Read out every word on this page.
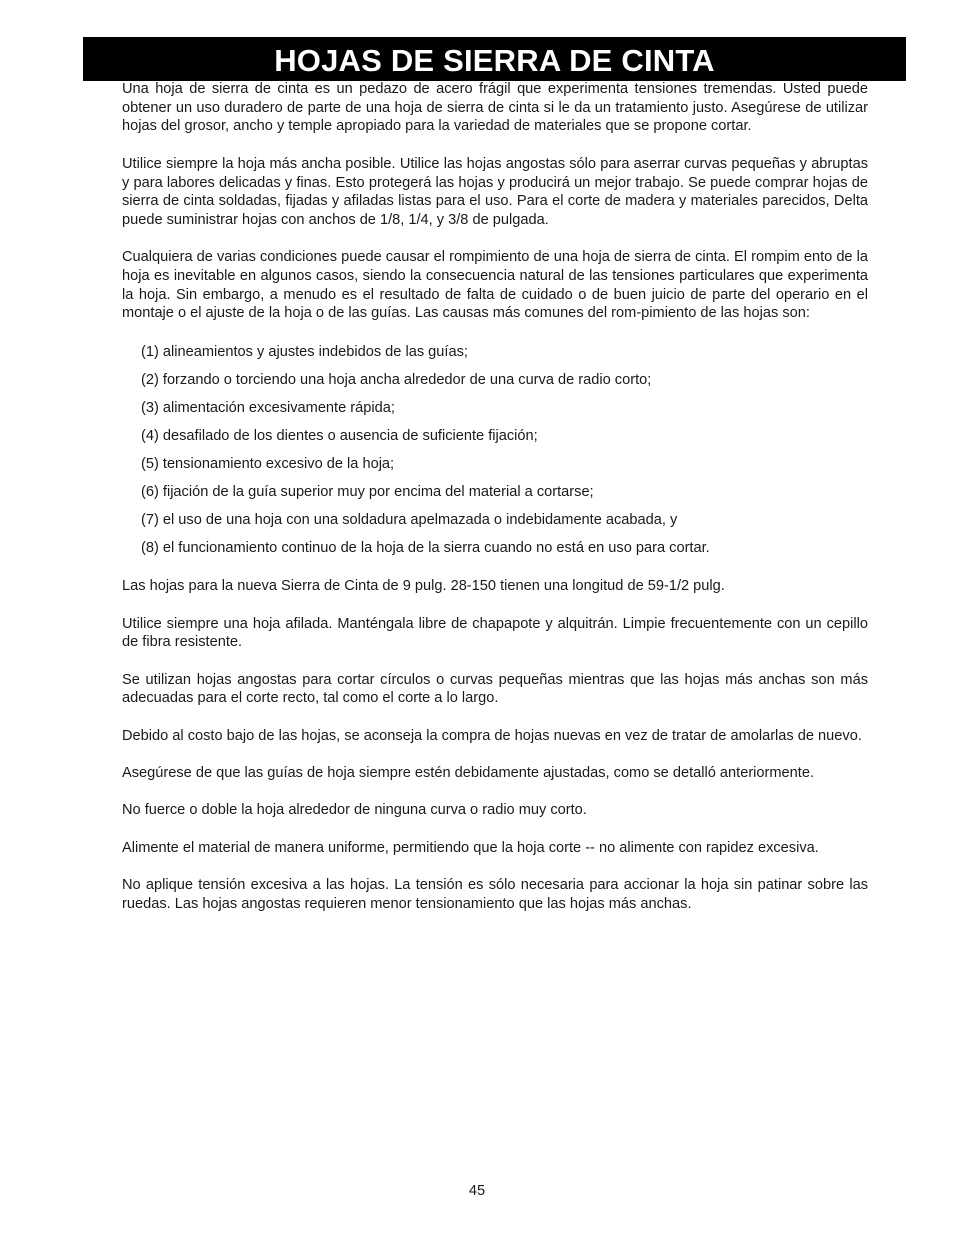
HOJAS DE SIERRA DE CINTA

Una hoja de sierra de cinta es un pedazo de acero frágil que experimenta tensiones tremendas. Usted puede obtener un uso duradero de parte de una hoja de sierra de cinta si le da un tratamiento justo. Asegúrese de utilizar hojas del grosor, ancho y temple apropiado para la variedad de materiales que se propone cortar.

Utilice siempre la hoja más ancha posible. Utilice las hojas angostas sólo para aserrar curvas pequeñas y abruptas y para labores delicadas y finas. Esto protegerá las hojas y producirá un mejor trabajo. Se puede comprar hojas de sierra de cinta soldadas, fijadas y afiladas listas para el uso. Para el corte de madera y materiales parecidos, Delta puede suministrar hojas con anchos de 1/8, 1/4, y 3/8 de pulgada.

Cualquiera de varias condiciones puede causar el rompimiento de una hoja de sierra de cinta. El rompim ento de la hoja es inevitable en algunos casos, siendo la consecuencia natural de las tensiones particulares que experimenta la hoja. Sin embargo, a menudo es el resultado de falta de cuidado o de buen juicio de parte del operario en el montaje o el ajuste de la hoja o de las guías. Las causas más comunes del rom-pimiento de las hojas son:

(1) alineamientos y ajustes indebidos de las guías;
(2) forzando o torciendo una hoja ancha alrededor de una curva de radio corto;
(3) alimentación excesivamente rápida;
(4) desafilado de los dientes o ausencia de suficiente fijación;
(5) tensionamiento excesivo de la hoja;
(6) fijación de la guía superior muy por encima del material a cortarse;
(7) el uso de una hoja con una soldadura apelmazada o indebidamente acabada, y
(8) el funcionamiento continuo de la hoja de la sierra cuando no está en uso para cortar.

Las hojas para la nueva Sierra de Cinta de 9 pulg. 28-150 tienen una longitud de 59-1/2 pulg.

Utilice siempre una hoja afilada. Manténgala libre de chapapote y alquitrán. Limpie frecuentemente con un cepillo de fibra resistente.

Se utilizan hojas angostas para cortar círculos o curvas pequeñas mientras que las hojas más anchas son más adecuadas para el corte recto, tal como el corte a lo largo.

Debido al costo bajo de las hojas, se aconseja la compra de hojas nuevas en vez de tratar de amolarlas de nuevo.

Asegúrese de que las guías de hoja siempre estén debidamente ajustadas, como se detalló anteriormente.

No fuerce o doble la hoja alrededor de ninguna curva o radio muy corto.

Alimente el material de manera uniforme, permitiendo que la hoja corte -- no alimente con rapidez excesiva.

No aplique tensión excesiva a las hojas. La tensión es sólo necesaria para accionar la hoja sin patinar sobre las ruedas. Las hojas angostas requieren menor tensionamiento que las hojas más anchas.

45
